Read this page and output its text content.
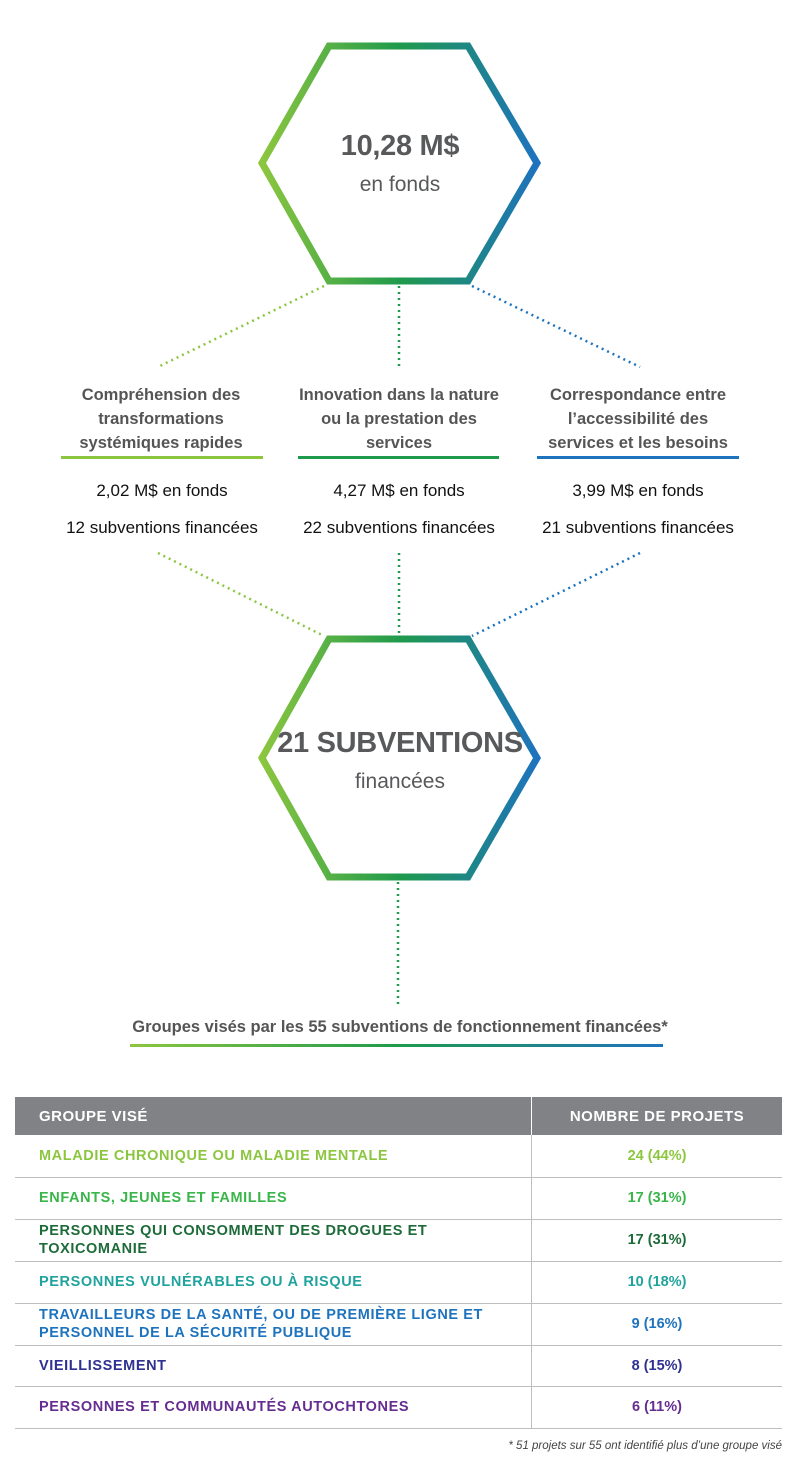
10,28 M$
en fonds
Compréhension des transformations systémiques rapides
2,02 M$ en fonds
12 subventions financées
Innovation dans la nature ou la prestation des services
4,27 M$ en fonds
22 subventions financées
Correspondance entre l’accessibilité des services et les besoins
3,99 M$ en fonds
21 subventions financées
21 SUBVENTIONS
financées
Groupes visés par les 55 subventions de fonctionnement financées*
GROUPE VISÉ	NOMBRE DE PROJETS
MALADIE CHRONIQUE OU MALADIE MENTALE	24 (44%)
ENFANTS, JEUNES ET FAMILLES	17 (31%)
PERSONNES QUI CONSOMMENT DES DROGUES ET TOXICOMANIE	17 (31%)
PERSONNES VULNÉRABLES OU À RISQUE	10 (18%)
TRAVAILLEURS DE LA SANTÉ, OU DE PREMIÈRE LIGNE ET PERSONNEL DE LA SÉCURITÉ PUBLIQUE	9 (16%)
VIEILLISSEMENT	8 (15%)
PERSONNES ET COMMUNAUTÉS AUTOCHTONES	6 (11%)
* 51 projets sur 55 ont identifié plus d’une groupe visé
